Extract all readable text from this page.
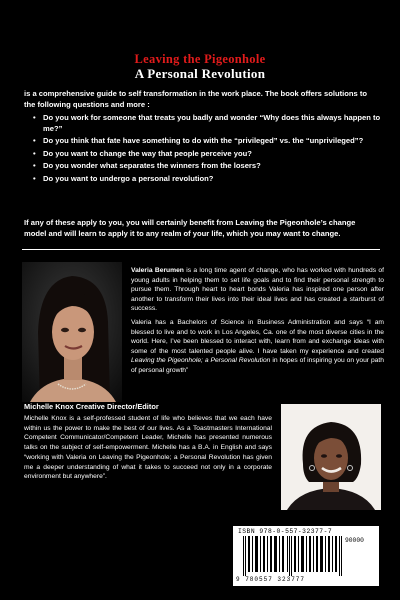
Leaving the Pigeonhole
A Personal Revolution
is a comprehensive guide to self transformation in the work place. The book offers solutions to the following questions and more :
• Do you work for someone that treats you badly and wonder “Why does this always happen to me?”
• Do you think that fate have something to do with the “privileged” vs. the “unprivileged”?
• Do you want to change the way that people perceive you?
• Do you wonder what separates the winners from the losers?
• Do you want to undergo a personal revolution?
If any of these apply to you, you will certainly benefit from Leaving the Pigeonhole’s change model and will learn to apply it to any realm of your life, which you may want to change.

Valeria Berumen is a long time agent of change, who has worked with hundreds of young adults in helping them to set life goals and to find their personal strength to pursue them. Through heart to heart bonds Valeria has inspired one person after another to transform their lives into their ideal lives and has created a starburst of success.

Valeria has a Bachelors of Science in Business Administration and says “I am blessed to live and to work in Los Angeles, Ca. one of the most diverse cities in the world. Here, I’ve been blessed to interact with, learn from and exchange ideas with some of the most talented people alive. I have taken my experience and created Leaving the Pigeonhole; a Personal Revolution in hopes of inspiring you on your path of personal growth”

Michelle Knox Creative Director/Editor
Michelle Knox is a self-professed student of life who believes that we each have within us the power to make the best of our lives. As a Toastmasters International Competent Communicator/Competent Leader, Michelle has presented numerous talks on the subject of self-empowerment. Michelle has a B.A. in English and says “working with Valeria on Leaving the Pigeonhole; a Personal Revolution has given me a deeper understanding of what it takes to succeed not only in a corporate environment but anywhere”.
ISBN 978-0-557-32377-7
90000
9 780557 323777
